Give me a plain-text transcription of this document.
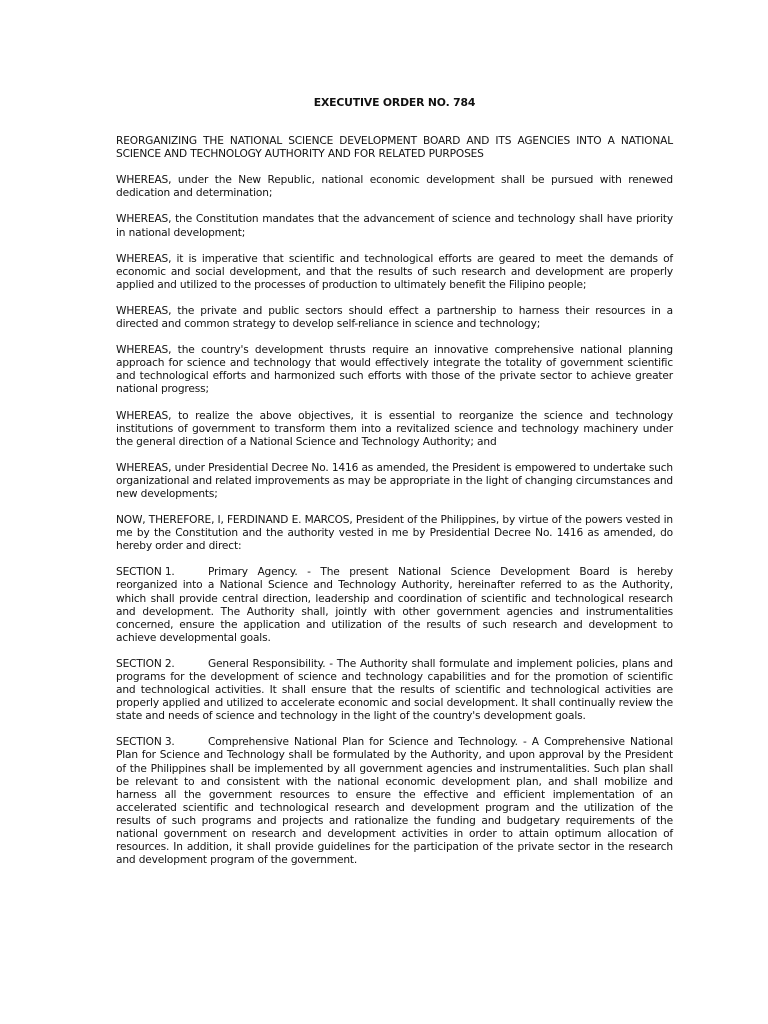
EXECUTIVE ORDER NO. 784

REORGANIZING THE NATIONAL SCIENCE DEVELOPMENT BOARD AND ITS AGENCIES INTO A NATIONAL SCIENCE AND TECHNOLOGY AUTHORITY AND FOR RELATED PURPOSES

WHEREAS, under the New Republic, national economic development shall be pursued with renewed dedication and determination;

WHEREAS, the Constitution mandates that the advancement of science and technology shall have priority in national development;

WHEREAS, it is imperative that scientific and technological efforts are geared to meet the demands of economic and social development, and that the results of such research and development are properly applied and utilized to the processes of production to ultimately benefit the Filipino people;

WHEREAS, the private and public sectors should effect a partnership to harness their resources in a directed and common strategy to develop self-reliance in science and technology;

WHEREAS, the country's development thrusts require an innovative comprehensive national planning approach for science and technology that would effectively integrate the totality of government scientific and technological efforts and harmonized such efforts with those of the private sector to achieve greater national progress;

WHEREAS, to realize the above objectives, it is essential to reorganize the science and technology institutions of government to transform them into a revitalized science and technology machinery under the general direction of a National Science and Technology Authority; and

WHEREAS, under Presidential Decree No. 1416 as amended, the President is empowered to undertake such organizational and related improvements as may be appropriate in the light of changing circumstances and new developments;

NOW, THEREFORE, I, FERDINAND E. MARCOS, President of the Philippines, by virtue of the powers vested in me by the Constitution and the authority vested in me by Presidential Decree No. 1416 as amended, do hereby order and direct:

SECTION 1.	Primary Agency. - The present National Science Development Board is hereby reorganized into a National Science and Technology Authority, hereinafter referred to as the Authority, which shall provide central direction, leadership and coordination of scientific and technological research and development. The Authority shall, jointly with other government agencies and instrumentalities concerned, ensure the application and utilization of the results of such research and development to achieve developmental goals.

SECTION 2.	General Responsibility. - The Authority shall formulate and implement policies, plans and programs for the development of science and technology capabilities and for the promotion of scientific and technological activities. It shall ensure that the results of scientific and technological activities are properly applied and utilized to accelerate economic and social development. It shall continually review the state and needs of science and technology in the light of the country's development goals.

SECTION 3.	Comprehensive National Plan for Science and Technology. - A Comprehensive National Plan for Science and Technology shall be formulated by the Authority, and upon approval by the President of the Philippines shall be implemented by all government agencies and instrumentalities. Such plan shall be relevant to and consistent with the national economic development plan, and shall mobilize and harness all the government resources to ensure the effective and efficient implementation of an accelerated scientific and technological research and development program and the utilization of the results of such programs and projects and rationalize the funding and budgetary requirements of the national government on research and development activities in order to attain optimum allocation of resources. In addition, it shall provide guidelines for the participation of the private sector in the research and development program of the government.
